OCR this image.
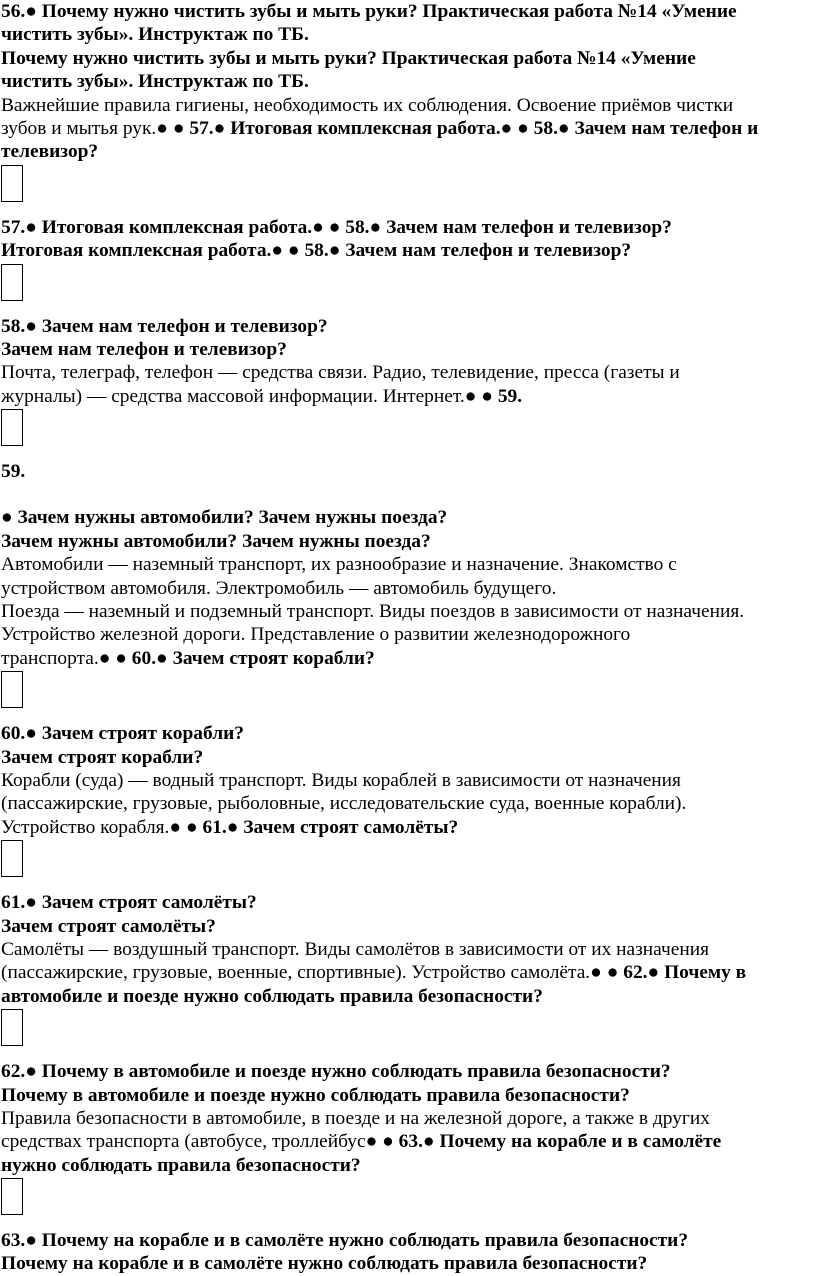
56.● Почему нужно чистить зубы и мыть руки? Практическая работа №14 «Умение
чистить зубы». Инструктаж по ТБ.
Почему нужно чистить зубы и мыть руки? Практическая работа №14 «Умение
чистить зубы». Инструктаж по ТБ.
Важнейшие правила гигиены, необходимость их соблюдения. Освоение приёмов чистки
зубов и мытья рук.● ● 57.● Итоговая комплексная работа.● ● 58.● Зачем нам телефон и
телевизор?
57.● Итоговая комплексная работа.● ● 58.● Зачем нам телефон и телевизор?
Итоговая комплексная работа.● ● 58.● Зачем нам телефон и телевизор?
58.● Зачем нам телефон и телевизор?
Зачем нам телефон и телевизор?
Почта, телеграф, телефон — средства связи. Радио, телевидение, пресса (газеты и
журналы) — средства массовой информации. Интернет.● ● 59.
59.
● Зачем нужны автомобили? Зачем нужны поезда?
Зачем нужны автомобили? Зачем нужны поезда?
Автомобили — наземный транспорт, их разнообразие и назначение. Знакомство с
устройством автомобиля. Электромобиль — автомобиль будущего.
Поезда — наземный и подземный транспорт. Виды поездов в зависимости от назначения.
Устройство железной дороги. Представление о развитии железнодорожного
транспорта.● ● 60.● Зачем строят корабли?
60.● Зачем строят корабли?
Зачем строят корабли?
Корабли (суда) — водный транспорт. Виды кораблей в зависимости от назначения
(пассажирские, грузовые, рыболовные, исследовательские суда, военные корабли).
Устройство корабля.● ● 61.● Зачем строят самолёты?
61.● Зачем строят самолёты?
Зачем строят самолёты?
Самолёты — воздушный транспорт. Виды самолётов в зависимости от их назначения
(пассажирские, грузовые, военные, спортивные). Устройство самолёта.● ● 62.● Почему в
автомобиле и поезде нужно соблюдать правила безопасности?
62.● Почему в автомобиле и поезде нужно соблюдать правила безопасности?
Почему в автомобиле и поезде нужно соблюдать правила безопасности?
Правила безопасности в автомобиле, в поезде и на железной дороге, а также в других
средствах транспорта (автобусе, троллейбус● ● 63.● Почему на корабле и в самолёте
нужно соблюдать правила безопасности?
63.● Почему на корабле и в самолёте нужно соблюдать правила безопасности?
Почему на корабле и в самолёте нужно соблюдать правила безопасности?
